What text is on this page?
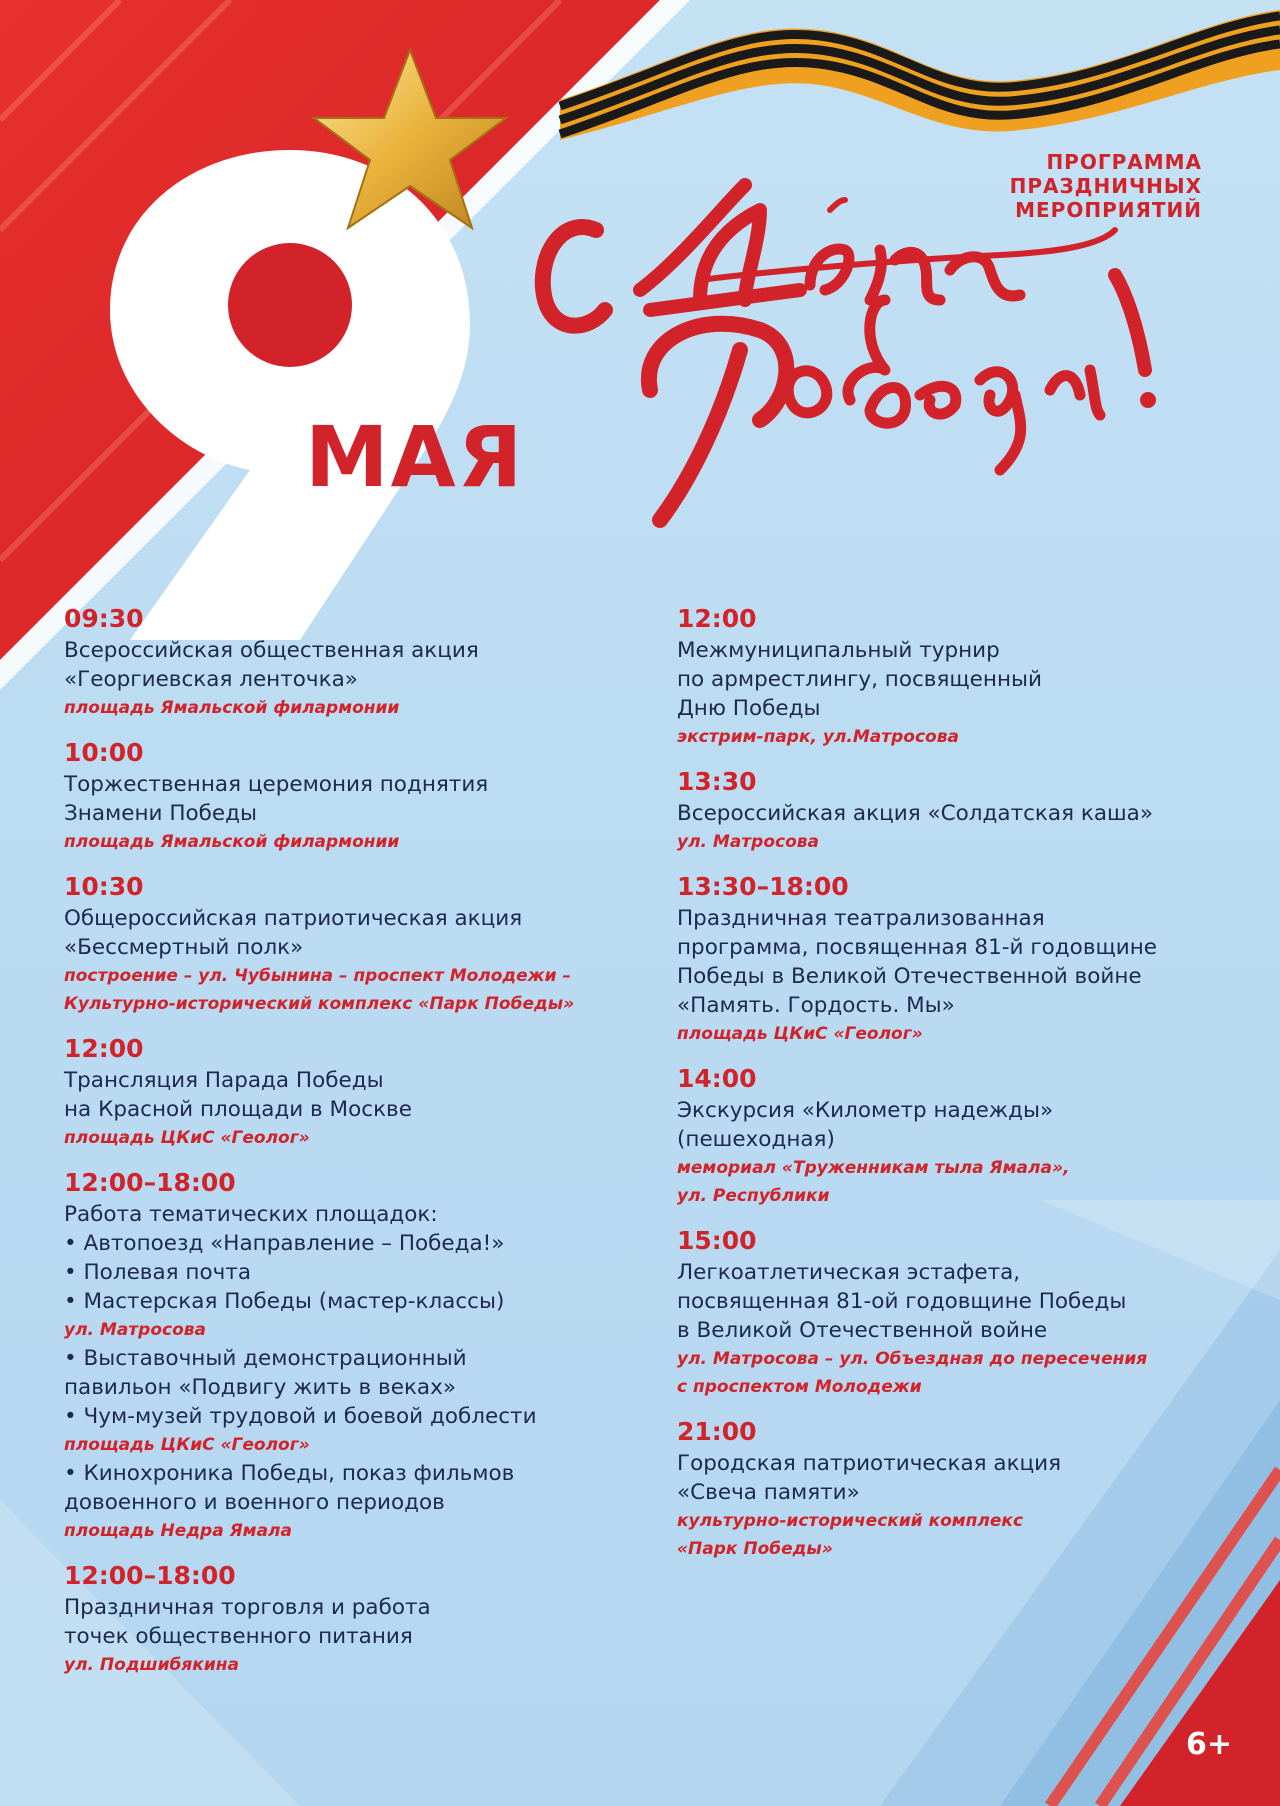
ПРОГРАММА
ПРАЗДНИЧНЫХ
МЕРОПРИЯТИЙ
МАЯ
6+
09:30
Всероссийская общественная акция
«Георгиевская ленточка»
площадь Ямальской филармонии
10:00
Торжественная церемония поднятия
Знамени Победы
площадь Ямальской филармонии
10:30
Общероссийская патриотическая акция
«Бессмертный полк»
построение – ул. Чубынина – проспект Молодежи –
Культурно-исторический комплекс «Парк Победы»
12:00
Трансляция Парада Победы
на Красной площади в Москве
площадь ЦКиС «Геолог»
12:00–18:00
Работа тематических площадок:
• Автопоезд «Направление – Победа!»
• Полевая почта
• Мастерская Победы (мастер-классы)
ул. Матросова
• Выставочный демонстрационный
павильон «Подвигу жить в веках»
• Чум-музей трудовой и боевой доблести
площадь ЦКиС «Геолог»
• Кинохроника Победы, показ фильмов
довоенного и военного периодов
площадь Недра Ямала
12:00–18:00
Праздничная торговля и работа
точек общественного питания
ул. Подшибякина
12:00
Межмуниципальный турнир
по армрестлингу, посвященный
Дню Победы
экстрим-парк, ул.Матросова
13:30
Всероссийская акция «Солдатская каша»
ул. Матросова
13:30–18:00
Праздничная театрализованная
программа, посвященная 81-й годовщине
Победы в Великой Отечественной войне
«Память. Гордость. Мы»
площадь ЦКиС «Геолог»
14:00
Экскурсия «Километр надежды»
(пешеходная)
мемориал «Труженникам тыла Ямала»,
ул. Республики
15:00
Легкоатлетическая эстафета,
посвященная 81-ой годовщине Победы
в Великой Отечественной войне
ул. Матросова – ул. Объездная до пересечения
с проспектом Молодежи
21:00
Городская патриотическая акция
«Свеча памяти»
культурно-исторический комплекс
«Парк Победы»
